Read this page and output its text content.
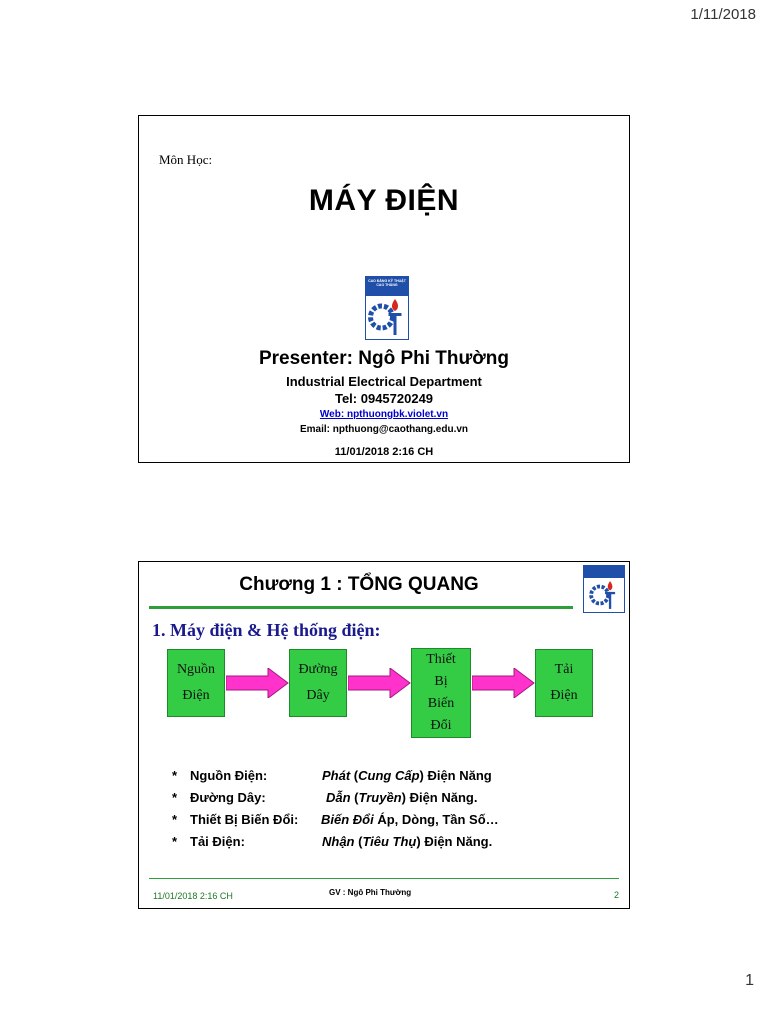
1/11/2018
Môn Học:
MÁY ĐIỆN
CAO ĐẲNG KỸ THUẬT CAO THẮNG
Presenter: Ngô Phi Thường
Industrial Electrical Department
Tel: 0945720249
Web: npthuongbk.violet.vn
Email: npthuong@caothang.edu.vn
11/01/2018 2:16 CH
Chương 1 : TỔNG QUANG
1. Máy điện & Hệ thống điện:
Nguồn
Điện
Đường
Dây
Thiết
Bị
Biến
Đổi
Tải
Điện
* Nguồn Điện:	Phát (Cung Cấp) Điện Năng
* Đường Dây:	Dẫn (Truyền) Điện Năng.
* Thiết Bị Biến Đổi: Biến Đổi Áp, Dòng, Tần Số…
* Tải Điện:	Nhận (Tiêu Thụ) Điện Năng.
11/01/2018 2:16 CH	GV : Ngô Phi Thường	2
1
